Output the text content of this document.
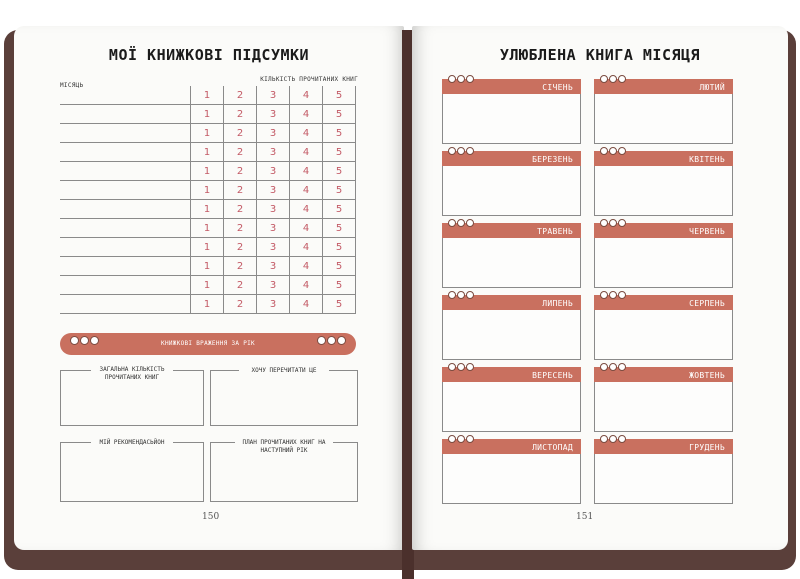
МОЇ КНИЖКОВІ ПІДСУМКИ
МІСЯЦЬ
КІЛЬКІСТЬ ПРОЧИТАНИХ КНИГ
КНИЖКОВІ ВРАЖЕННЯ ЗА РІК
ЗАГАЛЬНА КІЛЬКІСТЬ ПРОЧИТАНИХ КНИГ
ХОЧУ ПЕРЕЧИТАТИ ЦЕ
МІЙ РЕКОМЕНДАСЬЙОН	ПЛАН ПРОЧИТАНИХ КНИГ НА НАСТУПНИЙ РІК
150
	1	2	3	4	5
	1	2	3	4	5
	1	2	3	4	5
	1	2	3	4	5
	1	2	3	4	5
	1	2	3	4	5
	1	2	3	4	5
	1	2	3	4	5
	1	2	3	4	5
	1	2	3	4	5
	1	2	3	4	5
	1	2	3	4	5
УЛЮБЛЕНА КНИГА МІСЯЦЯ
СІЧЕНЬ	ЛЮТИЙ
БЕРЕЗЕНЬ	КВІТЕНЬ
ТРАВЕНЬ	ЧЕРВЕНЬ
ЛИПЕНЬ	СЕРПЕНЬ
ВЕРЕСЕНЬ	ЖОВТЕНЬ
ЛИСТОПАД	ГРУДЕНЬ
151
